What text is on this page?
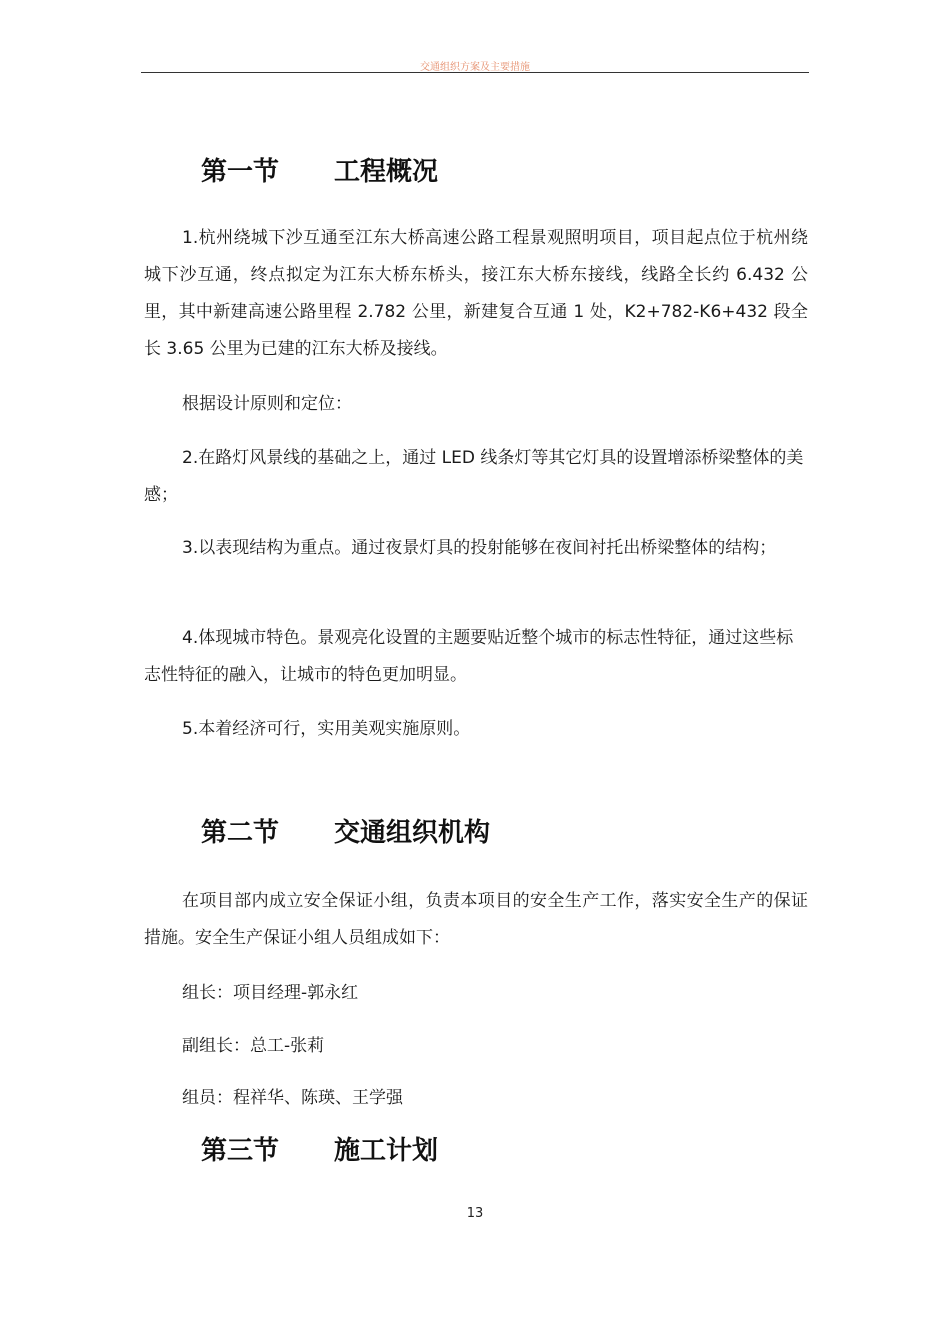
交通组织方案及主要措施
第一节 工程概况

1.杭州绕城下沙互通至江东大桥高速公路工程景观照明项目，项目起点位于杭州绕城下沙互通，终点拟定为江东大桥东桥头，接江东大桥东接线，线路全长约 6.432 公里，其中新建高速公路里程 2.782 公里，新建复合互通 1 处，K2+782-K6+432 段全长 3.65 公里为已建的江东大桥及接线。

根据设计原则和定位：

2.在路灯风景线的基础之上，通过 LED 线条灯等其它灯具的设置增添桥梁整体的美感；

3.以表现结构为重点。通过夜景灯具的投射能够在夜间衬托出桥梁整体的结构；

4.体现城市特色。景观亮化设置的主题要贴近整个城市的标志性特征，通过这些标志性特征的融入，让城市的特色更加明显。

5.本着经济可行，实用美观实施原则。

第二节 交通组织机构

在项目部内成立安全保证小组，负责本项目的安全生产工作，落实安全生产的保证措施。安全生产保证小组人员组成如下：

组长：项目经理-郭永红

副组长：总工-张莉

组员：程祥华、陈瑛、王学强

第三节 施工计划
13
